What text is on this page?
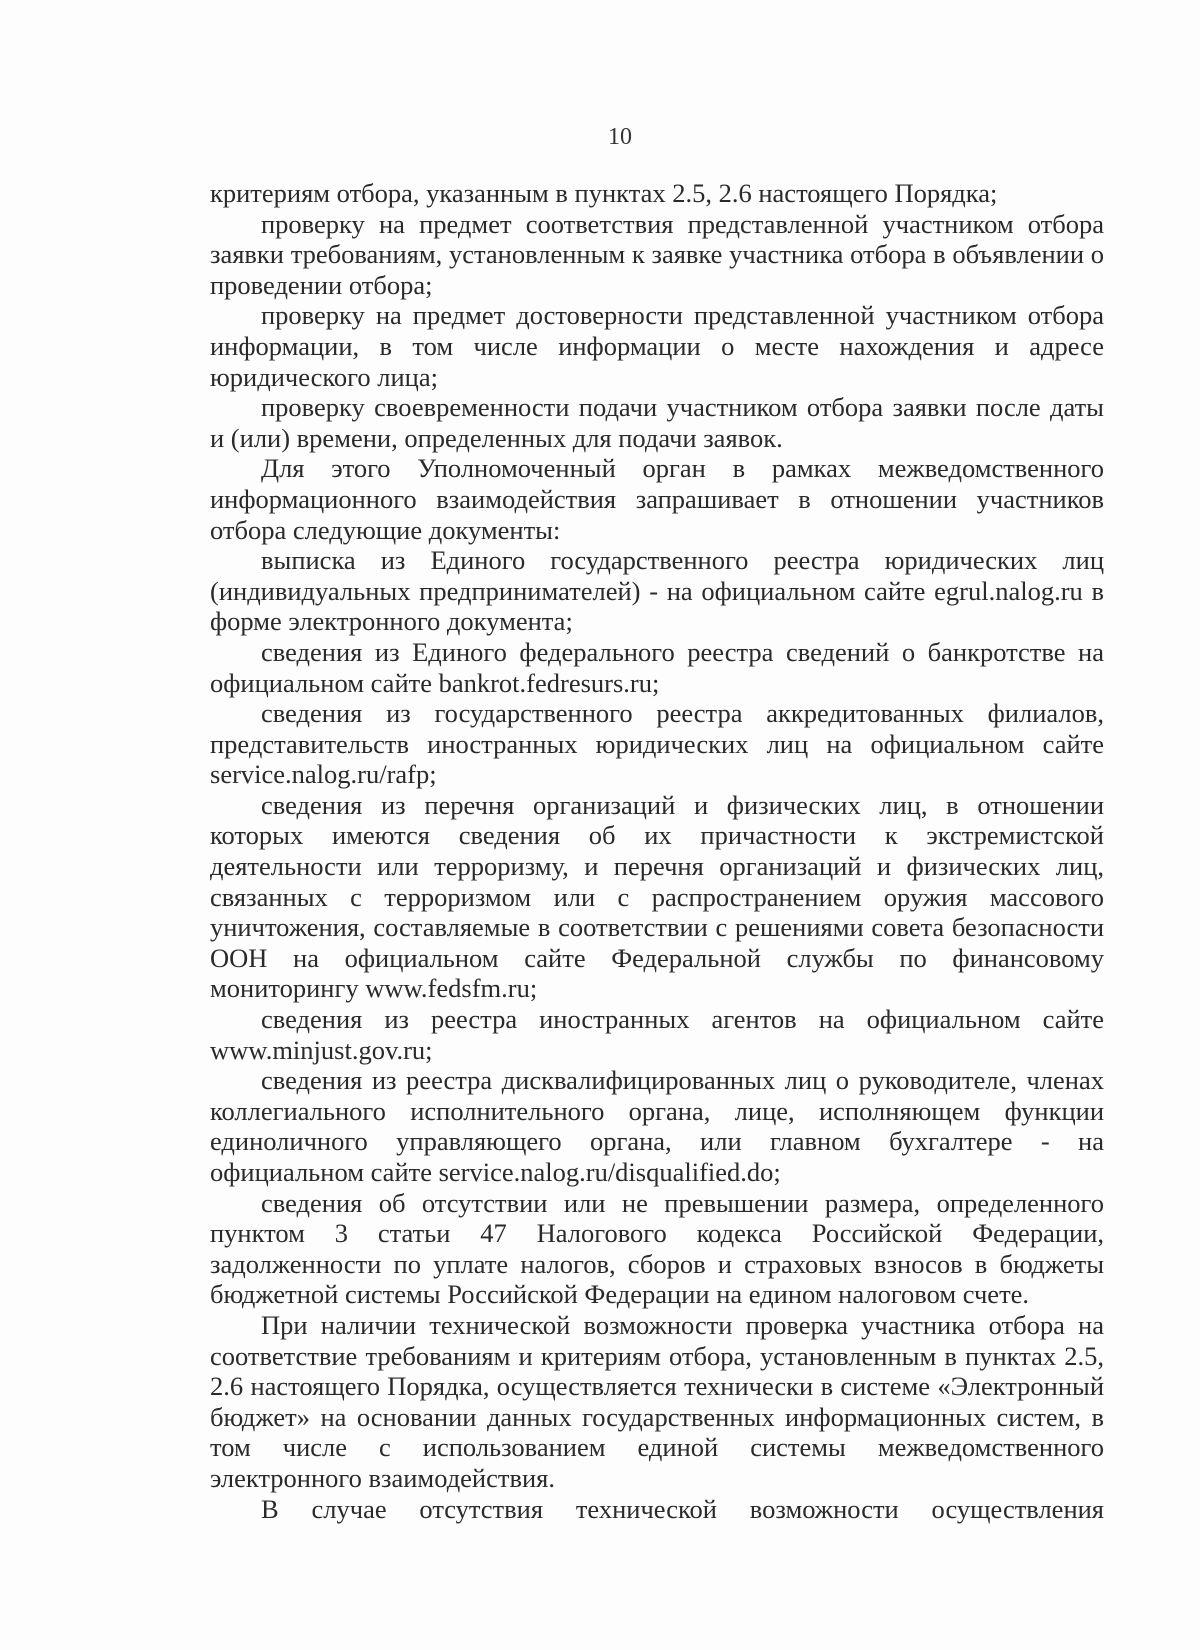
10

критериям отбора, указанным в пунктах 2.5, 2.6 настоящего Порядка;

проверку на предмет соответствия представленной участником отбора заявки требованиям, установленным к заявке участника отбора в объявлении о проведении отбора;

проверку на предмет достоверности представленной участником отбора информации, в том числе информации о месте нахождения и адресе юридического лица;

проверку своевременности подачи участником отбора заявки после даты и (или) времени, определенных для подачи заявок.

Для этого Уполномоченный орган в рамках межведомственного информационного взаимодействия запрашивает в отношении участников отбора следующие документы:

выписка из Единого государственного реестра юридических лиц (индивидуальных предпринимателей) - на официальном сайте egrul.nalog.ru в форме электронного документа;

сведения из Единого федерального реестра сведений о банкротстве на официальном сайте bankrot.fedresurs.ru;

сведения из государственного реестра аккредитованных филиалов, представительств иностранных юридических лиц на официальном сайте service.nalog.ru/rafp;

сведения из перечня организаций и физических лиц, в отношении которых имеются сведения об их причастности к экстремистской деятельности или терроризму, и перечня организаций и физических лиц, связанных с терроризмом или с распространением оружия массового уничтожения, составляемые в соответствии с решениями совета безопасности ООН на официальном сайте Федеральной службы по финансовому мониторингу www.fedsfm.ru;

сведения из реестра иностранных агентов на официальном сайте www.minjust.gov.ru;

сведения из реестра дисквалифицированных лиц о руководителе, членах коллегиального исполнительного органа, лице, исполняющем функции единоличного управляющего органа, или главном бухгалтере - на официальном сайте service.nalog.ru/disqualified.do;

сведения об отсутствии или не превышении размера, определенного пунктом 3 статьи 47 Налогового кодекса Российской Федерации, задолженности по уплате налогов, сборов и страховых взносов в бюджеты бюджетной системы Российской Федерации на едином налоговом счете.

При наличии технической возможности проверка участника отбора на соответствие требованиям и критериям отбора, установленным в пунктах 2.5, 2.6 настоящего Порядка, осуществляется технически в системе «Электронный бюджет» на основании данных государственных информационных систем, в том числе с использованием единой системы межведомственного электронного взаимодействия.

В случае отсутствия технической возможности осуществления
